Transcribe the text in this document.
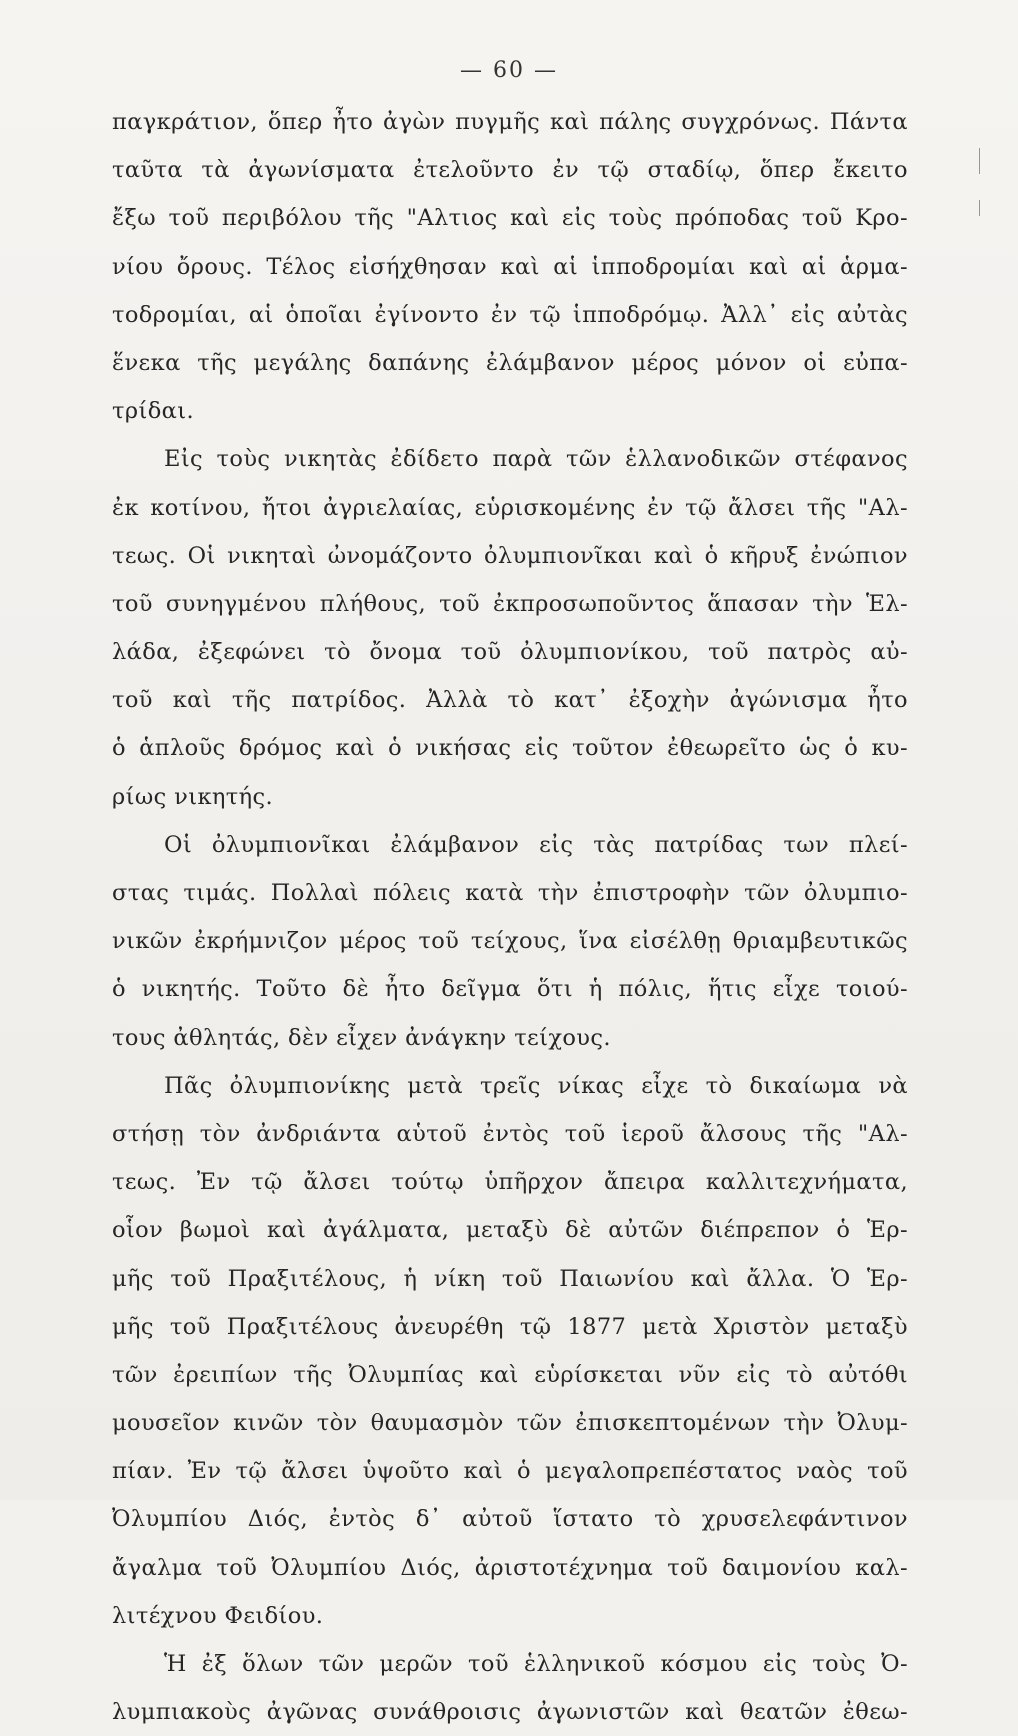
— 60 —
παγκράτιον, ὅπερ ἦτο ἀγὼν πυγμῆς καὶ πάλης συγχρόνως. Πάντα
ταῦτα τὰ ἀγωνίσματα ἐτελοῦντο ἐν τῷ σταδίῳ, ὅπερ ἔκειτο
ἔξω τοῦ περιβόλου τῆς "Αλτιος καὶ εἰς τοὺς πρόποδας τοῦ Κρο-
νίου ὄρους. Τέλος εἰσήχθησαν καὶ αἱ ἱπποδρομίαι καὶ αἱ ἁρμα-
τοδρομίαι, αἱ ὁποῖαι ἐγίνοντο ἐν τῷ ἱπποδρόμῳ. Ἀλλ᾽ εἰς αὐτὰς
ἕνεκα τῆς μεγάλης δαπάνης ἐλάμβανον μέρος μόνον οἱ εὐπα-
τρίδαι.
Εἰς τοὺς νικητὰς ἐδίδετο παρὰ τῶν ἑλλανοδικῶν στέφανος
ἐκ κοτίνου, ἤτοι ἀγριελαίας, εὑρισκομένης ἐν τῷ ἄλσει τῆς "Αλ-
τεως. Οἱ νικηταὶ ὠνομάζοντο ὀλυμπιονῖκαι καὶ ὁ κῆρυξ ἐνώπιον
τοῦ συνηγμένου πλήθους, τοῦ ἐκπροσωποῦντος ἅπασαν τὴν Ἑλ-
λάδα, ἐξεφώνει τὸ ὄνομα τοῦ ὀλυμπιονίκου, τοῦ πατρὸς αὐ-
τοῦ καὶ τῆς πατρίδος. Ἀλλὰ τὸ κατ᾽ ἐξοχὴν ἀγώνισμα ἦτο
ὁ ἁπλοῦς δρόμος καὶ ὁ νικήσας εἰς τοῦτον ἐθεωρεῖτο ὡς ὁ κυ-
ρίως νικητής.
Οἱ ὀλυμπιονῖκαι ἐλάμβανον εἰς τὰς πατρίδας των πλεί-
στας τιμάς. Πολλαὶ πόλεις κατὰ τὴν ἐπιστροφὴν τῶν ὀλυμπιο-
νικῶν ἐκρήμνιζον μέρος τοῦ τείχους, ἵνα εἰσέλθῃ θριαμβευτικῶς
ὁ νικητής. Τοῦτο δὲ ἦτο δεῖγμα ὅτι ἡ πόλις, ἥτις εἶχε τοιού-
τους ἀθλητάς, δὲν εἶχεν ἀνάγκην τείχους.
Πᾶς ὀλυμπιονίκης μετὰ τρεῖς νίκας εἶχε τὸ δικαίωμα νὰ
στήσῃ τὸν ἀνδριάντα αὑτοῦ ἐντὸς τοῦ ἱεροῦ ἄλσους τῆς "Αλ-
τεως. Ἐν τῷ ἄλσει τούτῳ ὑπῆρχον ἄπειρα καλλιτεχνήματα,
οἷον βωμοὶ καὶ ἀγάλματα, μεταξὺ δὲ αὐτῶν διέπρεπον ὁ Ἑρ-
μῆς τοῦ Πραξιτέλους, ἡ νίκη τοῦ Παιωνίου καὶ ἄλλα. Ὁ Ἑρ-
μῆς τοῦ Πραξιτέλους ἀνευρέθη τῷ 1877 μετὰ Χριστὸν μεταξὺ
τῶν ἐρειπίων τῆς Ὀλυμπίας καὶ εὑρίσκεται νῦν εἰς τὸ αὐτόθι
μουσεῖον κινῶν τὸν θαυμασμὸν τῶν ἐπισκεπτομένων τὴν Ὀλυμ-
πίαν. Ἐν τῷ ἄλσει ὑψοῦτο καὶ ὁ μεγαλοπρεπέστατος ναὸς τοῦ
Ὀλυμπίου Διός, ἐντὸς δ᾽ αὐτοῦ ἵστατο τὸ χρυσελεφάντινον
ἄγαλμα τοῦ Ὀλυμπίου Διός, ἀριστοτέχνημα τοῦ δαιμονίου καλ-
λιτέχνου Φειδίου.
Ἡ ἐξ ὅλων τῶν μερῶν τοῦ ἑλληνικοῦ κόσμου εἰς τοὺς Ὀ-
λυμπιακοὺς ἀγῶνας συνάθροισις ἀγωνιστῶν καὶ θεατῶν ἐθεω-
